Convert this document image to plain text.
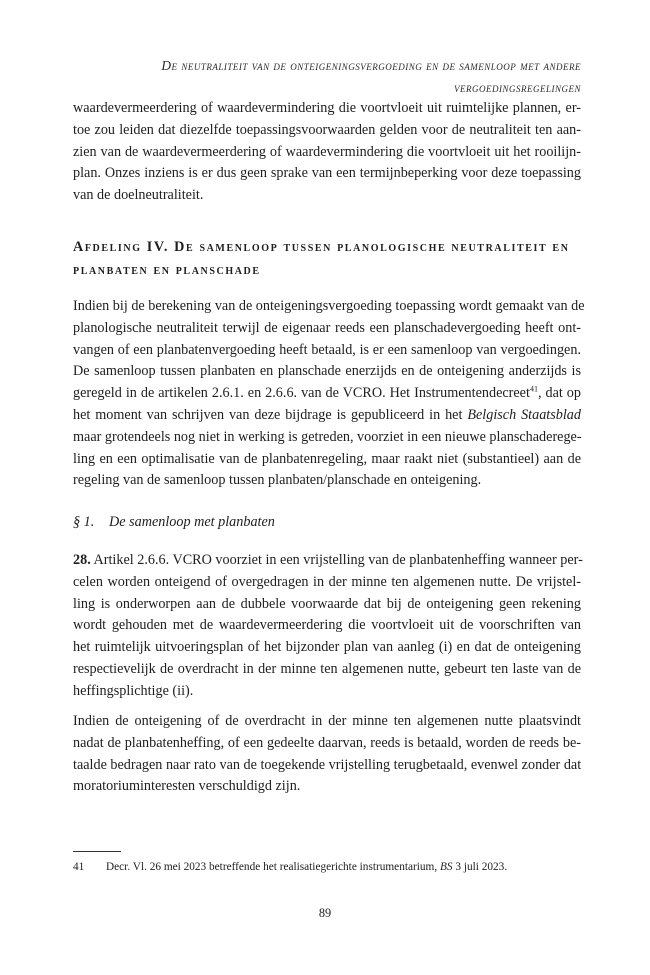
De neutraliteit van de onteigeningsvergoeding en de samenloop met andere
vergoedingsregelingen
waardevermeerdering of waardevermindering die voortvloeit uit ruimtelijke plannen, er-
toe zou leiden dat diezelfde toepassingsvoorwaarden gelden voor de neutraliteit ten aan-
zien van de waardevermeerdering of waardevermindering die voortvloeit uit het rooilijn-
plan. Onzes inziens is er dus geen sprake van een termijnbeperking voor deze toepassing
van de doelneutraliteit.
Afdeling IV. De samenloop tussen planologische neutraliteit en
planbaten en planschade
Indien bij de berekening van de onteigeningsvergoeding toepassing wordt gemaakt van de
planologische neutraliteit terwijl de eigenaar reeds een planschadevergoeding heeft ont-
vangen of een planbatenvergoeding heeft betaald, is er een samenloop van vergoedingen.
De samenloop tussen planbaten en planschade enerzijds en de onteigening anderzijds is
geregeld in de artikelen 2.6.1. en 2.6.6. van de VCRO. Het Instrumentendecreet$^{41}$, dat op
het moment van schrijven van deze bijdrage is gepubliceerd in het Belgisch Staatsblad
maar grotendeels nog niet in werking is getreden, voorziet in een nieuwe planschaderege-
ling en een optimalisatie van de planbatenregeling, maar raakt niet (substantieel) aan de
regeling van de samenloop tussen planbaten/planschade en onteigening.
§ 1. De samenloop met planbaten
28. Artikel 2.6.6. VCRO voorziet in een vrijstelling van de planbatenheffing wanneer per-
celen worden onteigend of overgedragen in der minne ten algemenen nutte. De vrijstel-
ling is onderworpen aan de dubbele voorwaarde dat bij de onteigening geen rekening
wordt gehouden met de waardevermeerdering die voortvloeit uit de voorschriften van
het ruimtelijk uitvoeringsplan of het bijzonder plan van aanleg (i) en dat de onteigening
respectievelijk de overdracht in der minne ten algemenen nutte, gebeurt ten laste van de
heffingsplichtige (ii).
Indien de onteigening of de overdracht in der minne ten algemenen nutte plaatsvindt
nadat de planbatenheffing, of een gedeelte daarvan, reeds is betaald, worden de reeds be-
taalde bedragen naar rato van de toegekende vrijstelling terugbetaald, evenwel zonder dat
moratoriuminteresten verschuldigd zijn.
41 Decr. Vl. 26 mei 2023 betreffende het realisatiegerichte instrumentarium, BS 3 juli 2023.
89
